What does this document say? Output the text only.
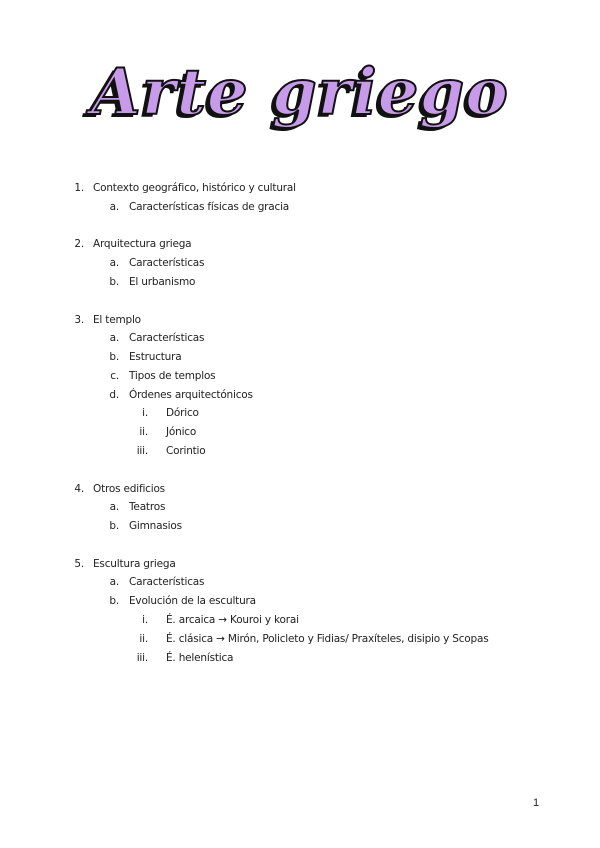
Arte griego
1. Contexto geográfico, histórico y cultural
a. Características físicas de gracia
2. Arquitectura griega
a. Características
b. El urbanismo
3. El templo
a. Características
b. Estructura
c. Tipos de templos
d. Órdenes arquitectónicos
i. Dórico
ii. Jónico
iii. Corintio
4. Otros edificios
a. Teatros
b. Gimnasios
5. Escultura griega
a. Características
b. Evolución de la escultura
i. É. arcaica → Kouroi y korai
ii. É. clásica → Mirón, Policleto y Fidias/ Praxíteles, disipio y Scopas
iii. É. helenística
1
